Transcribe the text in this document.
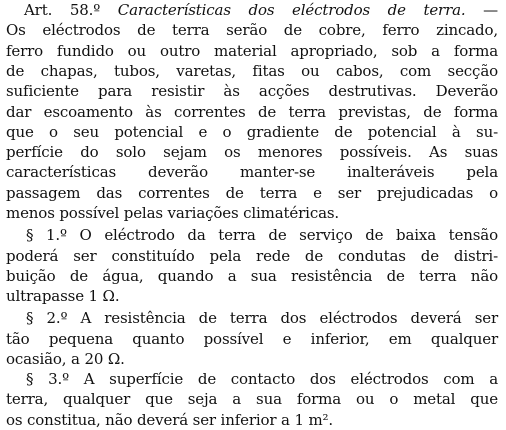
Art. 58.º Características dos eléctrodos de terra. —
Os eléctrodos de terra serão de cobre, ferro zincado,
ferro fundido ou outro material apropriado, sob a forma
de chapas, tubos, varetas, fitas ou cabos, com secção
suficiente para resistir às acções destrutivas. Deverão
dar escoamento às correntes de terra previstas, de forma
que o seu potencial e o gradiente de potencial à su-
perfície do solo sejam os menores possíveis. As suas
características deverão manter-se inalteráveis pela
passagem das correntes de terra e ser prejudicadas o
menos possível pelas variações climatéricas.
§ 1.º O eléctrodo da terra de serviço de baixa tensão
poderá ser constituído pela rede de condutas de distri-
buição de água, quando a sua resistência de terra não
ultrapasse 1 Ω.
§ 2.º A resistência de terra dos eléctrodos deverá ser
tão pequena quanto possível e inferior, em qualquer
ocasião, a 20 Ω.
§ 3.º A superfície de contacto dos eléctrodos com a
terra, qualquer que seja a sua forma ou o metal que
os constitua, não deverá ser inferior a 1 m².
